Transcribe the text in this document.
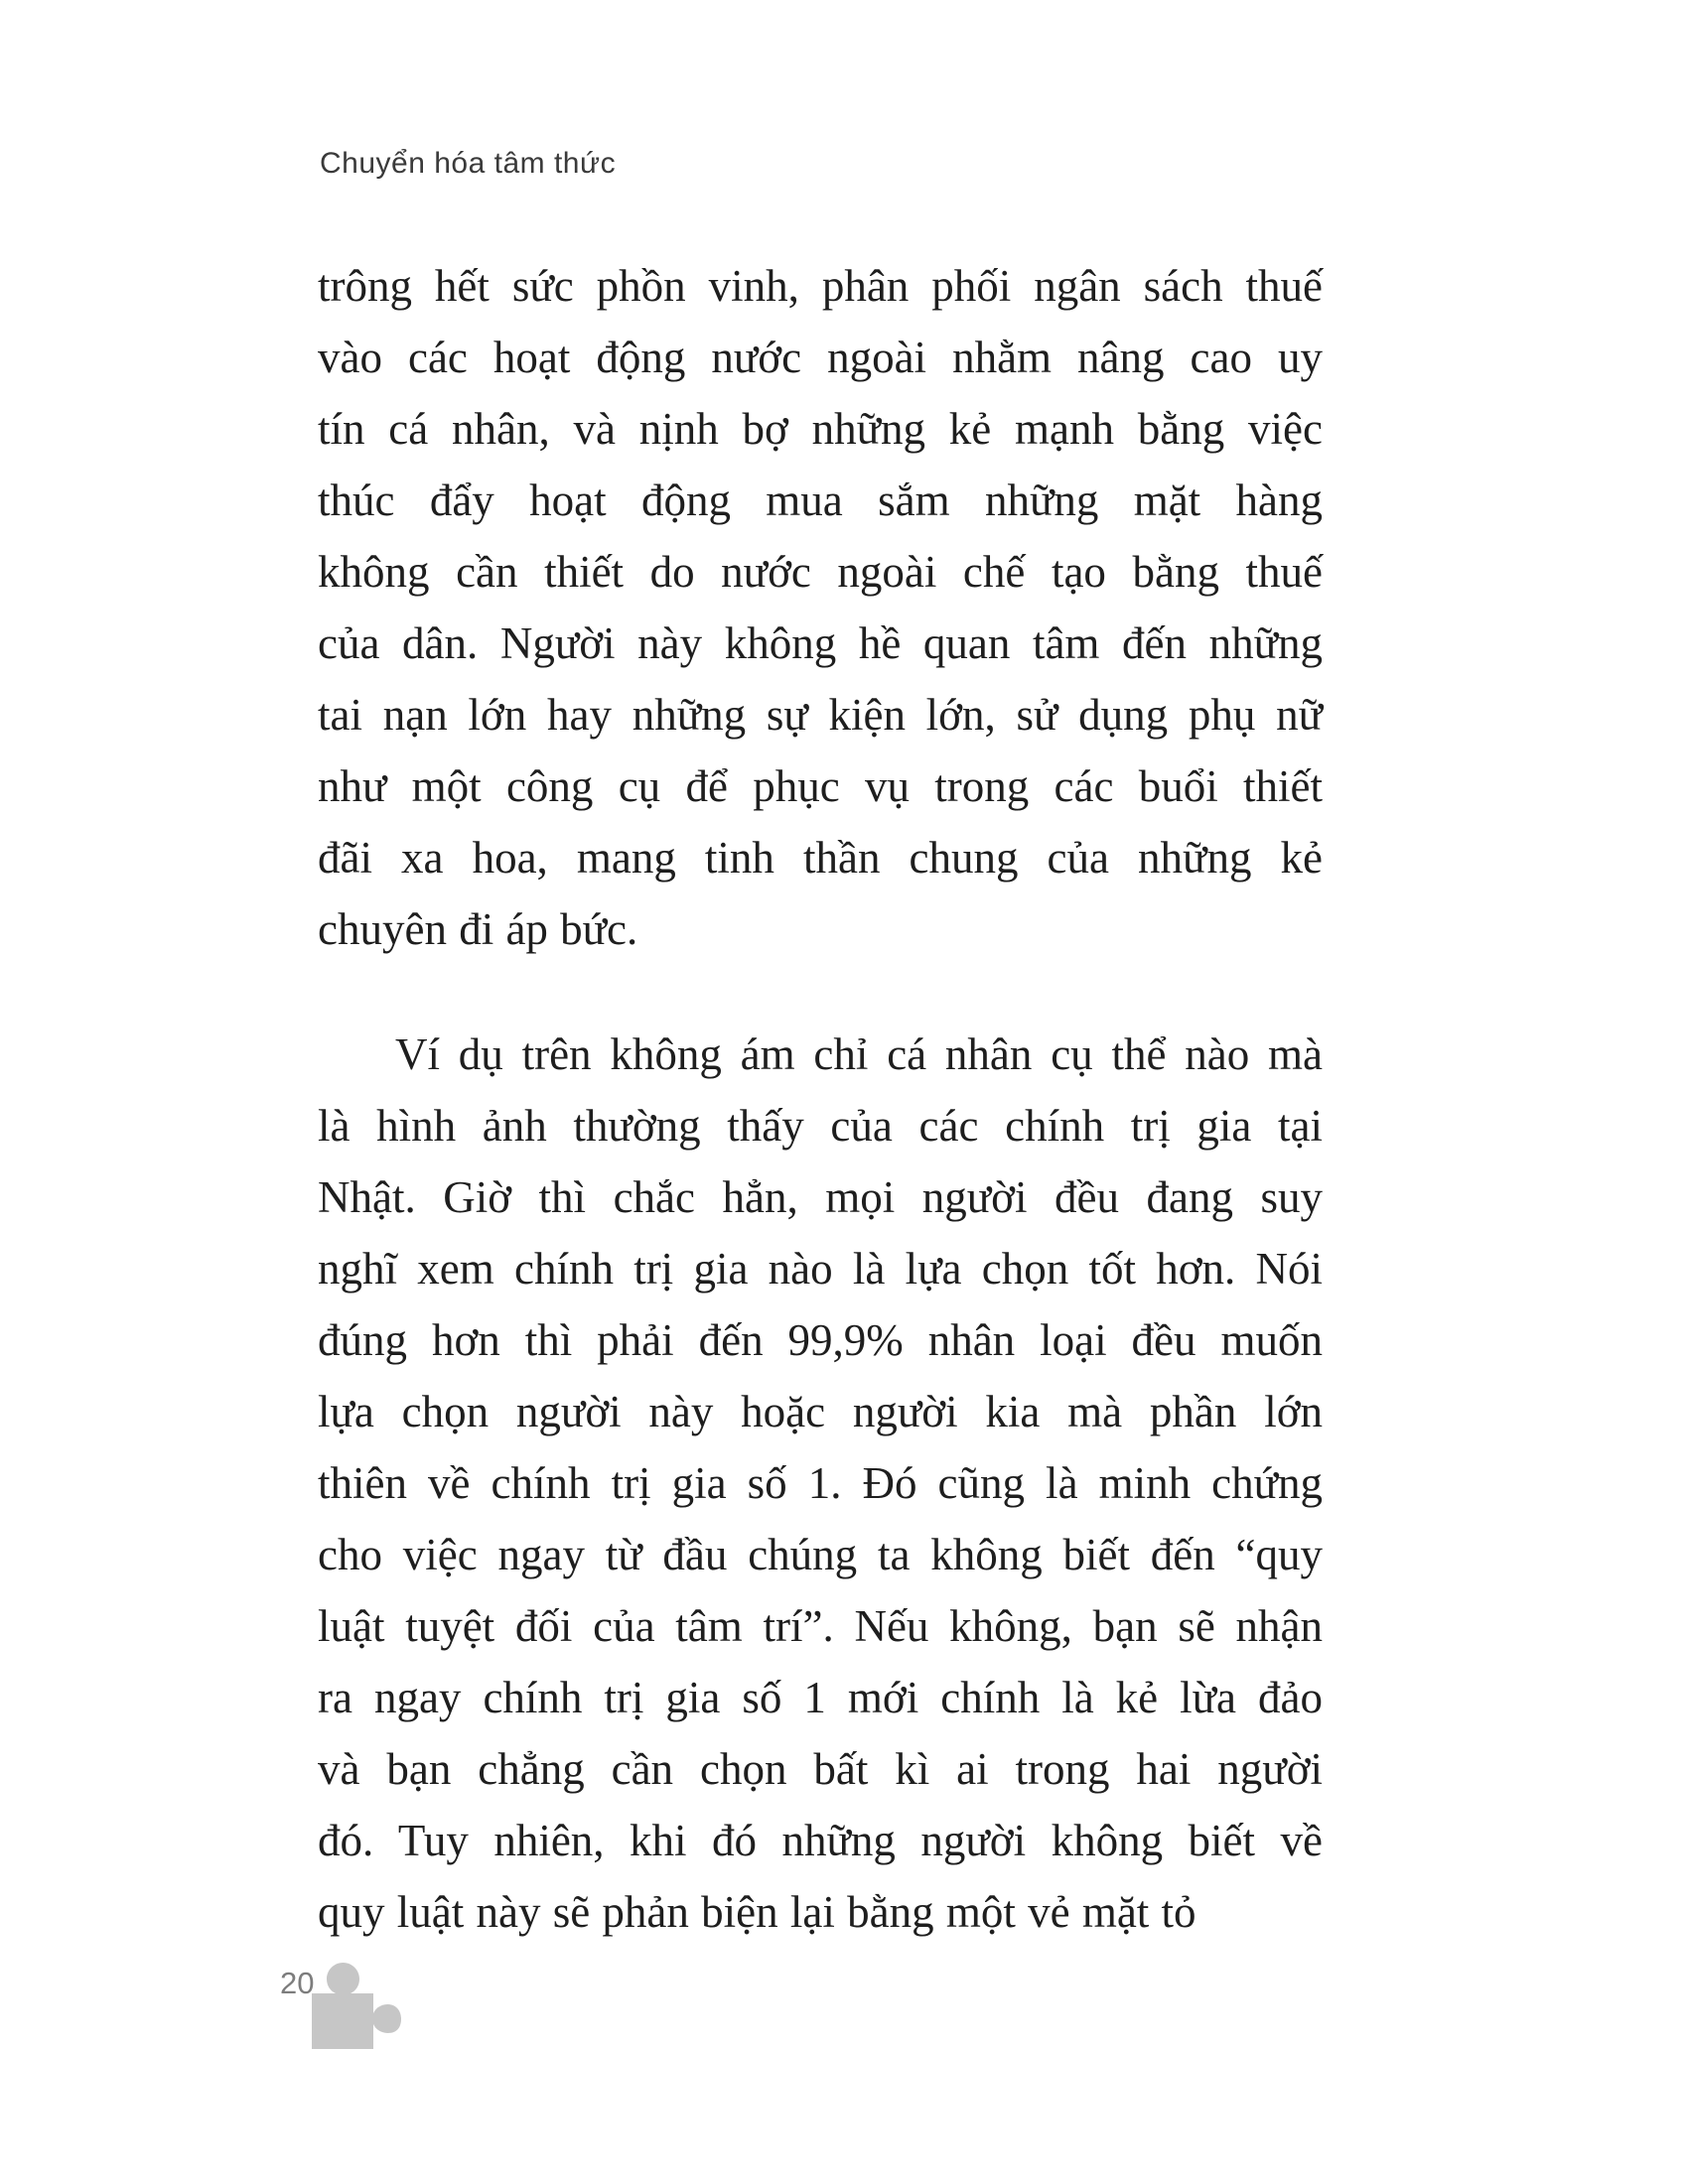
Chuyển hóa tâm thức
trông hết sức phồn vinh, phân phối ngân sách thuế
vào các hoạt động nước ngoài nhằm nâng cao uy
tín cá nhân, và nịnh bợ những kẻ mạnh bằng việc
thúc đẩy hoạt động mua sắm những mặt hàng
không cần thiết do nước ngoài chế tạo bằng thuế
của dân. Người này không hề quan tâm đến những
tai nạn lớn hay những sự kiện lớn, sử dụng phụ nữ
như một công cụ để phục vụ trong các buổi thiết
đãi xa hoa, mang tinh thần chung của những kẻ
chuyên đi áp bức.
Ví dụ trên không ám chỉ cá nhân cụ thể nào mà
là hình ảnh thường thấy của các chính trị gia tại
Nhật. Giờ thì chắc hẳn, mọi người đều đang suy
nghĩ xem chính trị gia nào là lựa chọn tốt hơn. Nói
đúng hơn thì phải đến 99,9% nhân loại đều muốn
lựa chọn người này hoặc người kia mà phần lớn
thiên về chính trị gia số 1. Đó cũng là minh chứng
cho việc ngay từ đầu chúng ta không biết đến “quy
luật tuyệt đối của tâm trí”. Nếu không, bạn sẽ nhận
ra ngay chính trị gia số 1 mới chính là kẻ lừa đảo
và bạn chẳng cần chọn bất kì ai trong hai người
đó. Tuy nhiên, khi đó những người không biết về
quy luật này sẽ phản biện lại bằng một vẻ mặt tỏ
20
